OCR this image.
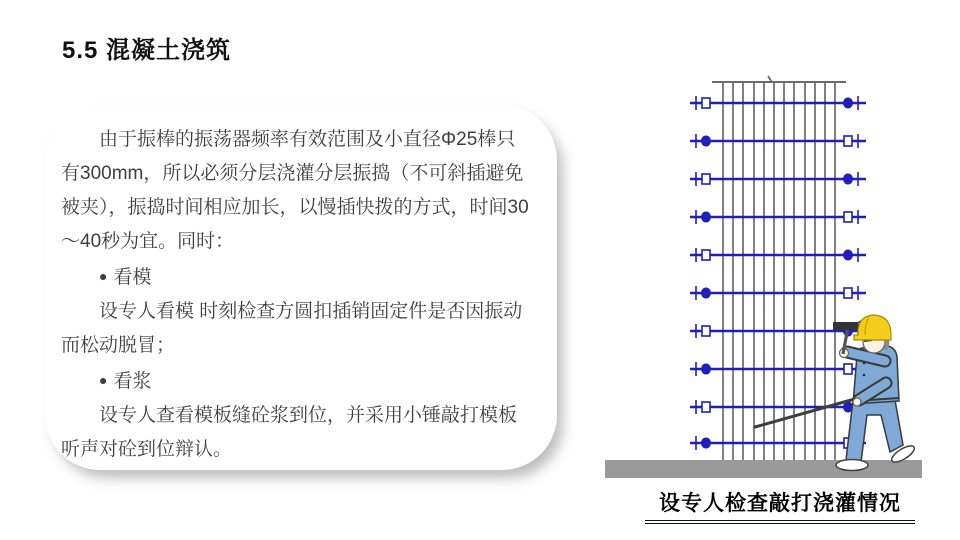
5.5 混凝土浇筑

由于振棒的振荡器频率有效范围及小直径Φ25棒只有300mm，所以必须分层浇灌分层振捣（不可斜插避免被夹），振捣时间相应加长，以慢插快拨的方式，时间30～40秒为宜。同时：

● 看模

设专人看模 时刻检查方圆扣插销固定件是否因振动而松动脱冒；

● 看浆

设专人查看模板缝砼浆到位，并采用小锤敲打模板听声对砼到位辩认。

设专人检查敲打浇灌情况
